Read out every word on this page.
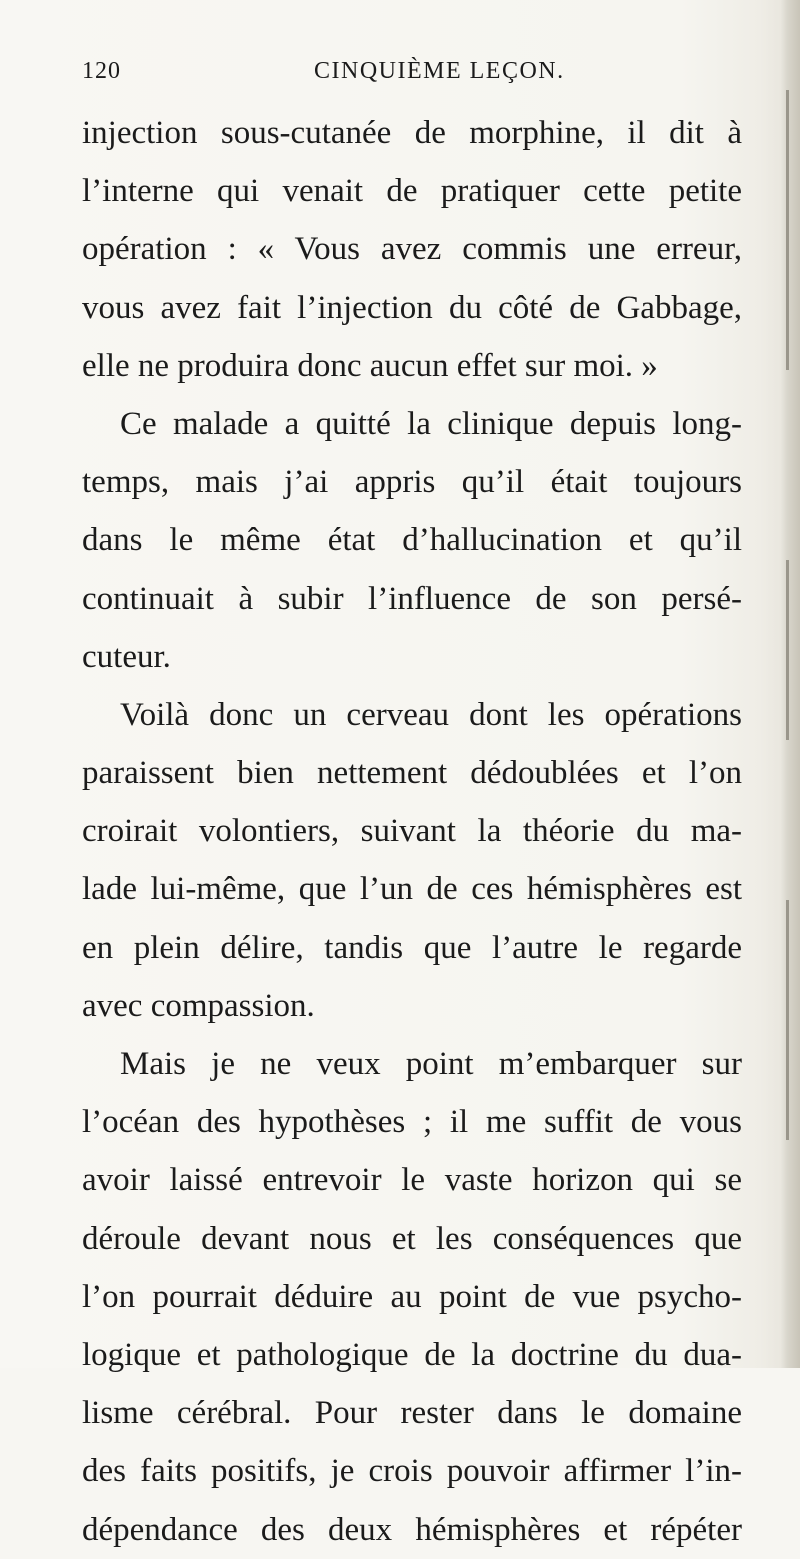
120	CINQUIÈME LEÇON.
injection sous-cutanée de morphine, il dit à
l’interne qui venait de pratiquer cette petite
opération : « Vous avez commis une erreur,
vous avez fait l’injection du côté de Gabbage,
elle ne produira donc aucun effet sur moi. »
Ce malade a quitté la clinique depuis long-
temps, mais j’ai appris qu’il était toujours
dans le même état d’hallucination et qu’il
continuait à subir l’influence de son persé-
cuteur.
Voilà donc un cerveau dont les opérations
paraissent bien nettement dédoublées et l’on
croirait volontiers, suivant la théorie du ma-
lade lui-même, que l’un de ces hémisphères est
en plein délire, tandis que l’autre le regarde
avec compassion.
Mais je ne veux point m’embarquer sur
l’océan des hypothèses ; il me suffit de vous
avoir laissé entrevoir le vaste horizon qui se
déroule devant nous et les conséquences que
l’on pourrait déduire au point de vue psycho-
logique et pathologique de la doctrine du dua-
lisme cérébral. Pour rester dans le domaine
des faits positifs, je crois pouvoir affirmer l’in-
dépendance des deux hémisphères et répéter
